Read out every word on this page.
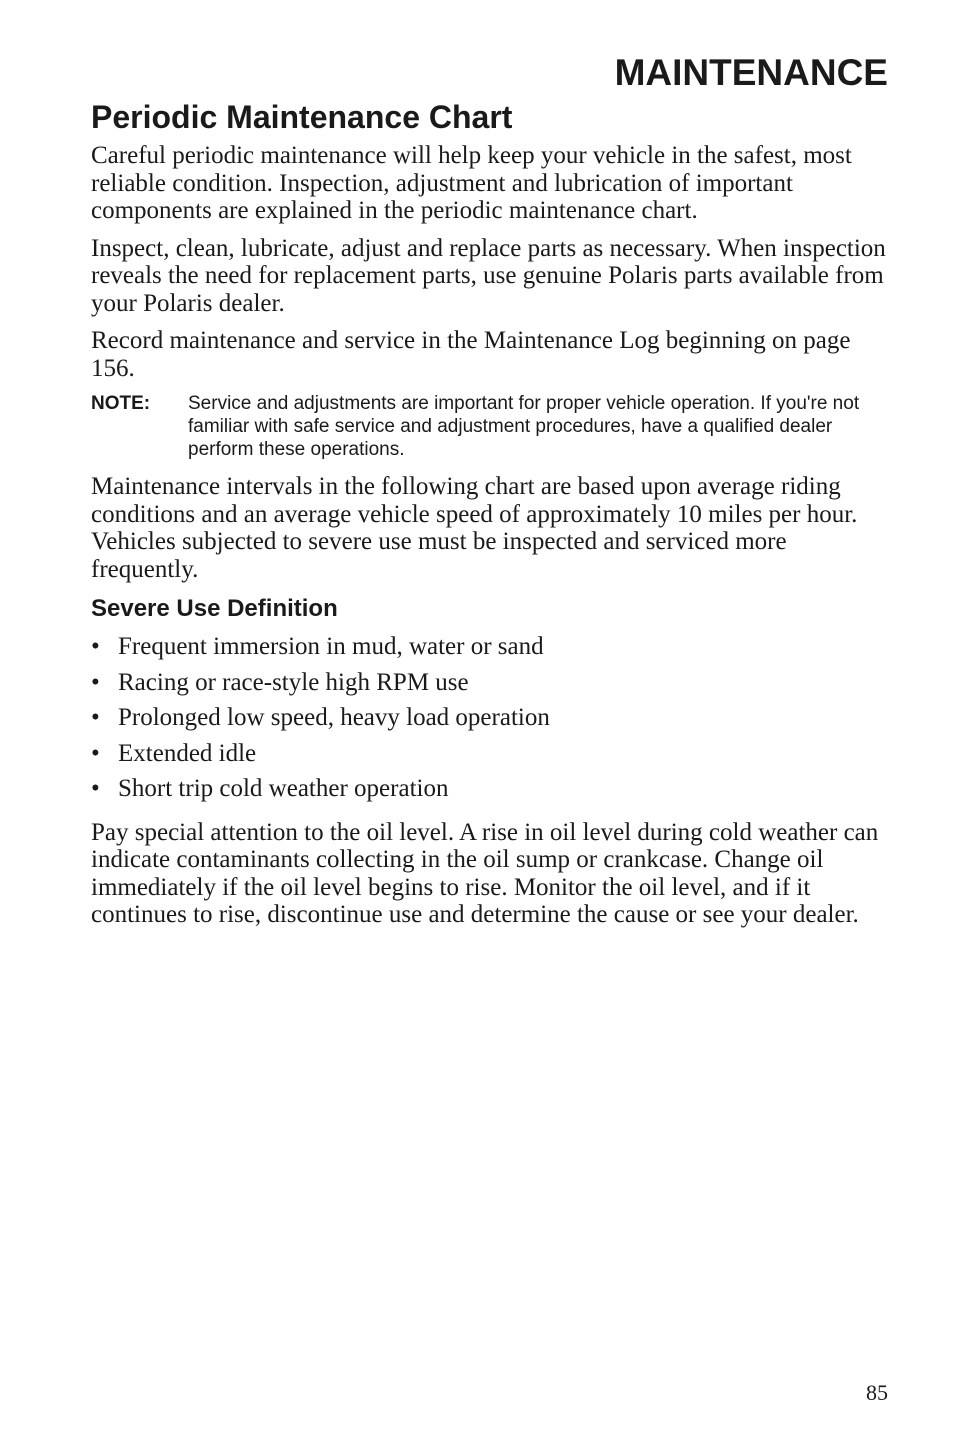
MAINTENANCE
Periodic Maintenance Chart

Careful periodic maintenance will help keep your vehicle in the safest, most reliable condition. Inspection, adjustment and lubrication of important components are explained in the periodic maintenance chart.

Inspect, clean, lubricate, adjust and replace parts as necessary. When inspection reveals the need for replacement parts, use genuine Polaris parts available from your Polaris dealer.

Record maintenance and service in the Maintenance Log beginning on page 156.

NOTE:	Service and adjustments are important for proper vehicle operation. If you're not familiar with safe service and adjustment procedures, have a qualified dealer perform these operations.

Maintenance intervals in the following chart are based upon average riding conditions and an average vehicle speed of approximately 10 miles per hour. Vehicles subjected to severe use must be inspected and serviced more frequently.

Severe Use Definition
• Frequent immersion in mud, water or sand
• Racing or race-style high RPM use
• Prolonged low speed, heavy load operation
• Extended idle
• Short trip cold weather operation

Pay special attention to the oil level. A rise in oil level during cold weather can indicate contaminants collecting in the oil sump or crankcase. Change oil immediately if the oil level begins to rise. Monitor the oil level, and if it continues to rise, discontinue use and determine the cause or see your dealer.

85
